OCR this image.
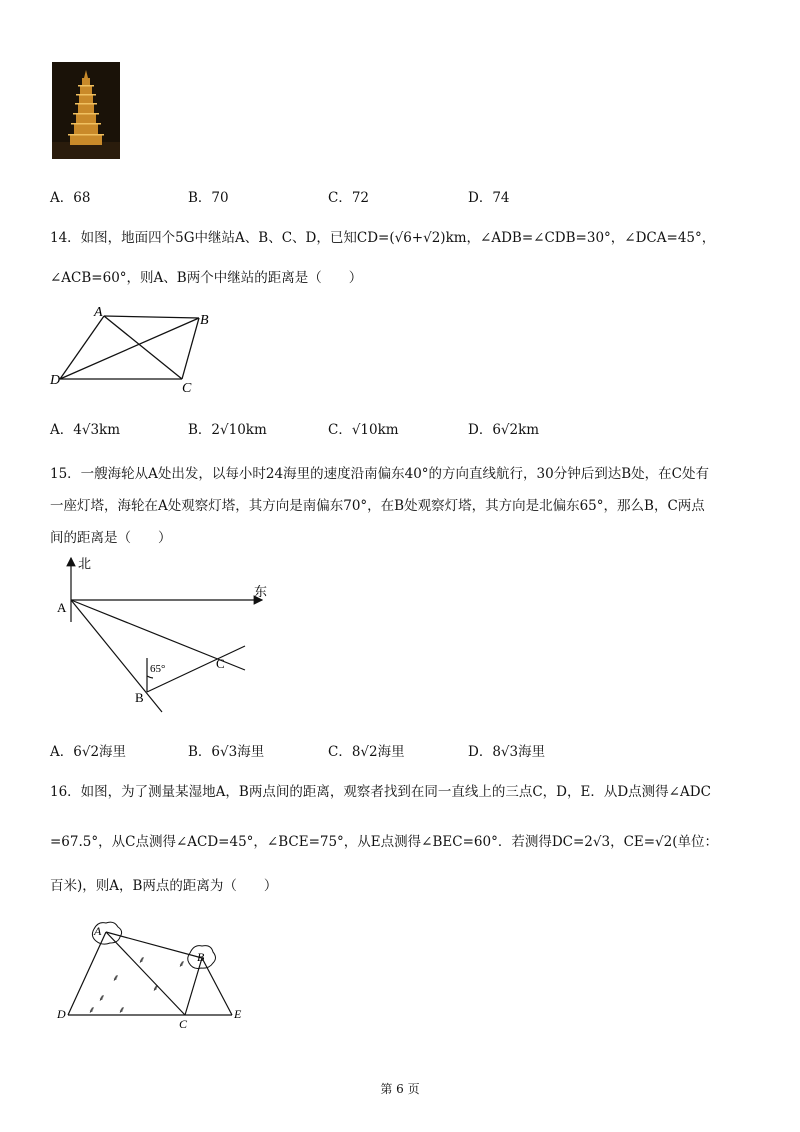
A．68	B．70	C．72	D．74
14．如图，地面四个5G中继站A、B、C、D，已知CD=(√6+√2)km，∠ADB=∠CDB=30°，∠DCA=45°，
∠ACB=60°，则A、B两个中继站的距离是（　　）
A
B
C
D
A．4√3km	B．2√10km	C．√10km	D．6√2km
15．一艘海轮从A处出发，以每小时24海里的速度沿南偏东40°的方向直线航行，30分钟后到达B处，在C处有
一座灯塔，海轮在A处观察灯塔，其方向是南偏东70°，在B处观察灯塔，其方向是北偏东65°，那么B，C两点
间的距离是（　　）
北
东
A
B
C
65°
A．6√2海里	B．6√3海里	C．8√2海里	D．8√3海里
16．如图，为了测量某湿地A，B两点间的距离，观察者找到在同一直线上的三点C，D，E．从D点测得∠ADC
=67.5°，从C点测得∠ACD=45°，∠BCE=75°，从E点测得∠BEC=60°．若测得DC=2√3，CE=√2(单位：
百米)，则A，B两点的距离为（　　）
⸙	⸙
⸙
⸙
⸙
⸙ ⸙
A
B
C
D	E
第 6 页
